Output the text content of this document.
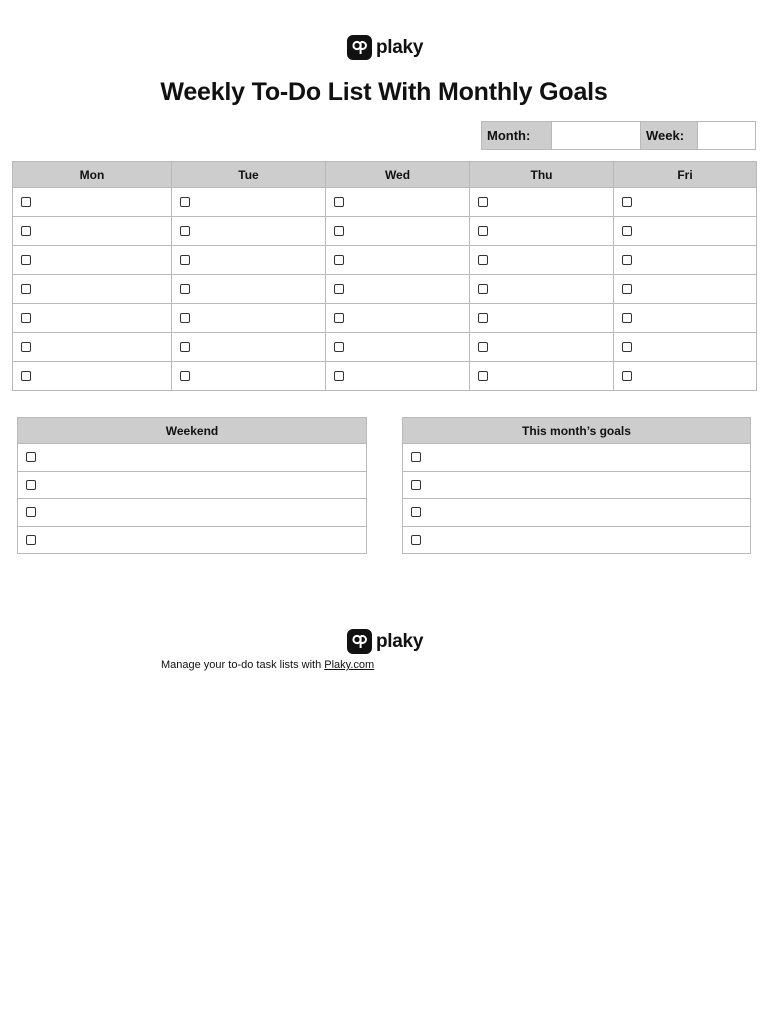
plaky
Weekly To-Do List With Monthly Goals
Month:		Week:	
Mon	Tue	Wed	Thu	Fri

Weekend	This month’s goals

plaky
Manage your to-do task lists with Plaky.com
